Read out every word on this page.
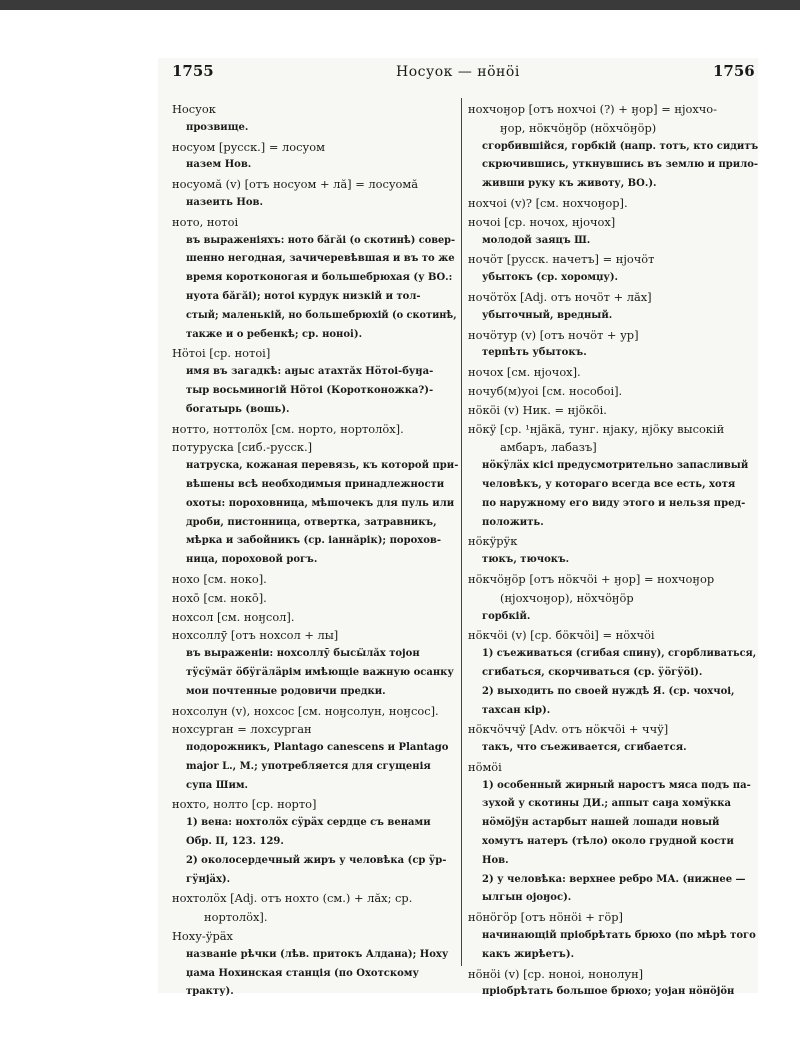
1755	Носуок — нӧнӧі	1756
Носуок
прозвище.
носуом [русск.] = лосуом
назем Нов.
носуомӑ (v) [отъ носуом + лӑ] = лосуомӑ
назеить Нов.
ното, нотоі
въ выраженіяхъ: ното бӑгӑі (о скотинѣ) совер-
шенно негодная, зачичеревѣвшая и въ то же
время коротконогая и большебрюхая (у ВО.:
нуота бӑгӑі); нотоі курдук низкій и тол-
стый; маленькій, но большебрюхій (о скотинѣ,
также и о ребенкѣ; ср. нонoi).
Нӧтоі [ср. нотоі]
имя въ загадкѣ: аӈыс атахтӑх Нӧтоі-буӈа-
тыр восьминогій Нӧтоі (Коротконожка?)-
богатырь (вошь).
нотто, ноттолӧх [см. норто, нортолӧх].
потуруска [сиб.-русск.]
натруска, кожаная перевязь, къ которой при-
вѣшены всѣ необходимыя принадлежности
охоты: пороховница, мѣшочекъ для пуль или
дроби, пистонница, отвертка, затравникъ,
мѣрка и забойникъ (ср. іаннӑрік); порохов-
ница, пороховой рогъ.
нохо [см. ноко].
нохō [см. нокō].
нохсол [см. ноӈсол].
нохсоллӯ [отъ нохсол + лы]
въ выраженіи: нохсоллӯ бысӹлӑх тојон
тӱсӱмӓт ӧбӱгӓлӓрім имѣющіе важную осанку
мои почтенные родовичи предки.
нохсолун (v), нохсос [см. ноӈсолун, ноӈсос].
нохсурган = лохсурган
подорожникъ, Plantago canescens и Plantago
major L., М.; употребляется для сгущенія
супа Шим.
нохто, нолто [ср. норто]
1) вена: нохтолӧх сӱрӓх сердце съ венами
Обр. II, 123. 129.
2) околосердечный жиръ у человѣка (ср ӱр-
гӱнјӓх).
нохтолӧх [Adj. отъ нохто (см.) + лӑх; ср.
нортолӧх].
Ноху-ӱрӓх
названіе рѣчки (лѣв. притокъ Алдана); Ноху
џама Нохинская станція (по Охотскому
тракту).
нохчоӈор [отъ нохчоі (?) + ӈор] = нјохчо-
ӈор, нӧкчӧӈӧр (нӧхчӧӈӧр)
сгорбившійся, горбкій (напр. тотъ, кто сидитъ
скрючившись, уткнувшись въ землю и прило-
живши руку къ животу, ВО.).
нохчоі (v)? [см. нохчоӈор].
ночоі [ср. ночох, нјочох]
молодой заяцъ Ш.
ночӧт [русск. начетъ] = нјочӧт
убытокъ (ср. хоромџу).
ночӧтӧх [Adj. отъ ночӧт + лӑх]
убыточный, вредный.
ночӧтур (v) [отъ ночӧт + ур]
терпѣть убытокъ.
ночох [см. нјочох].
ночуб(м)уоі [см. нособоі].
нӧкӧі (v) Ник. = нјӧкӧі.
нӧкӱ [ср. ¹нјӓкӓ, тунг. нјаку, нјӧку высокій
амбаръ, лабазъ]
нӧкӱлӓх кісі предусмотрительно запасливый
человѣкъ, у котораго всегда все есть, хотя
по наружному его виду этого и нельзя пред-
положить.
нӧкӱрӱк
тюкъ, тючокъ.
нӧкчӧӈӧр [отъ нӧкчӧі + ӈор] = нохчоӈор
(нјохчоӈор), нӧхчӧӈӧр
горбкій.
нӧкчӧі (v) [ср. бӧкчӧі] = нӧхчӧі
1) съеживаться (сгибая спину), сгорбливаться,
сгибаться, скорчиваться (ср. ӱӧгӱӧі).
2) выходить по своей нуждѣ Я. (ср. чохчоі,
тахсан кір).
нӧкчӧччӱ [Adv. отъ нӧкчӧі + ччӱ]
такъ, что съеживается, сгибается.
нӧмӧі
1) особенный жирный наростъ мяса подъ па-
зухой у скотины ДИ.; аппыт саӈа хомӱкка
нӧмӧјӱн астарбыт нашей лошади новый
хомутъ натеръ (тѣло) около грудной кости
Нов.
2) у человѣка: верхнее ребро МА. (нижнее —
ылгын ојоӈос).
нӧнӧгӧр [отъ нӧнӧі + гӧр]
начинающій пріобрѣтать брюхо (по мѣрѣ того
какъ жирѣетъ).
нӧнӧі (v) [ср. ноноі, нонолун]
пріобрѣтать большое брюхо; уојан нӧнӧјӧн
